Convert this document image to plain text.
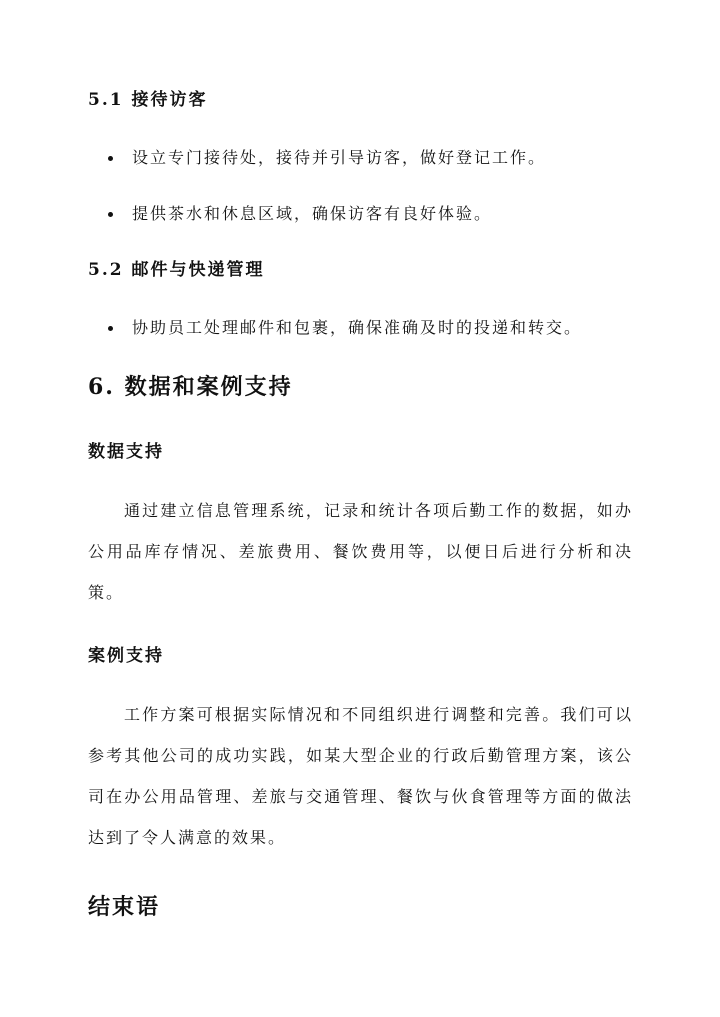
5.1 接待访客
设立专门接待处，接待并引导访客，做好登记工作。
提供茶水和休息区域，确保访客有良好体验。
5.2 邮件与快递管理
协助员工处理邮件和包裹，确保准确及时的投递和转交。
6. 数据和案例支持
数据支持
通过建立信息管理系统，记录和统计各项后勤工作的数据，如办公用品库存情况、差旅费用、餐饮费用等，以便日后进行分析和决策。
案例支持
工作方案可根据实际情况和不同组织进行调整和完善。我们可以参考其他公司的成功实践，如某大型企业的行政后勤管理方案，该公司在办公用品管理、差旅与交通管理、餐饮与伙食管理等方面的做法达到了令人满意的效果。
结束语
